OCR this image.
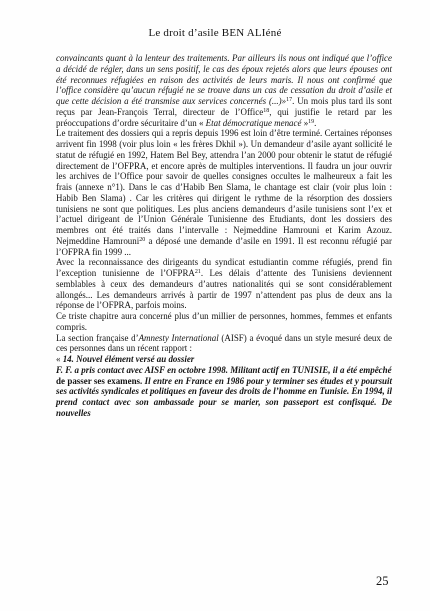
Le droit d’asile BEN ALIéné

convaincants quant à la lenteur des traitements. Par ailleurs ils nous ont indiqué que l’office a décidé de régler, dans un sens positif, le cas des époux rejetés alors que leurs épouses ont été reconnues réfugiées en raison des activités de leurs maris. Il nous ont confirmé que l’office considère qu’aucun réfugié ne se trouve dans un cas de cessation du droit d’asile et que cette décision a été transmise aux services concernés (...)»$^{17}$. Un mois plus tard ils sont reçus par Jean-François Terral, directeur de l’Office$^{18}$, qui justifie le retard par les préoccupations d’ordre sécuritaire d’un « Etat démocratique menacé »$^{19}$.

Le traitement des dossiers qui a repris depuis 1996 est loin d’être terminé. Certaines réponses arrivent fin 1998 (voir plus loin « les frères Dkhil »). Un demandeur d’asile ayant sollicité le statut de réfugié en 1992, Hatem Bel Bey, attendra l’an 2000 pour obtenir le statut de réfugié directement de l’OFPRA, et encore après de multiples interventions. Il faudra un jour ouvrir les archives de l’Office pour savoir de quelles consignes occultes le malheureux a fait les frais (annexe n°1). Dans le cas d’Habib Ben Slama, le chantage est clair (voir plus loin : Habib Ben Slama) . Car les critères qui dirigent le rythme de la résorption des dossiers tunisiens ne sont que politiques. Les plus anciens demandeurs d’asile tunisiens sont l’ex et l’actuel dirigeant de l’Union Générale Tunisienne des Etudiants, dont les dossiers des membres ont été traités dans l’intervalle : Nejmeddine Hamrouni et Karim Azouz. Nejmeddine Hamrouni$^{20}$ a déposé une demande d’asile en 1991. Il est reconnu réfugié par l’OFPRA fin 1999 ...

Avec la reconnaissance des dirigeants du syndicat estudiantin comme réfugiés, prend fin l’exception tunisienne de l’OFPRA$^{21}$. Les délais d’attente des Tunisiens deviennent semblables à ceux des demandeurs d’autres nationalités qui se sont considérablement allongés... Les demandeurs arrivés à partir de 1997 n’attendent pas plus de deux ans la réponse de l’OFPRA, parfois moins.

Ce triste chapitre aura concerné plus d’un millier de personnes, hommes, femmes et enfants compris.

La section française d’Amnesty International (AISF) a évoqué dans un style mesuré deux de ces personnes dans un récent rapport :

« 14. Nouvel élément versé au dossier

F. F. a pris contact avec AISF en octobre 1998. Militant actif en TUNISIE, il a été empêché

de passer ses examens. Il entre en France en 1986 pour y terminer ses études et y poursuit ses activités syndicales et politiques en faveur des droits de l’homme en Tunisie. En 1994, il prend contact avec son ambassade pour se marier, son passeport est confisqué. De nouvelles

25
